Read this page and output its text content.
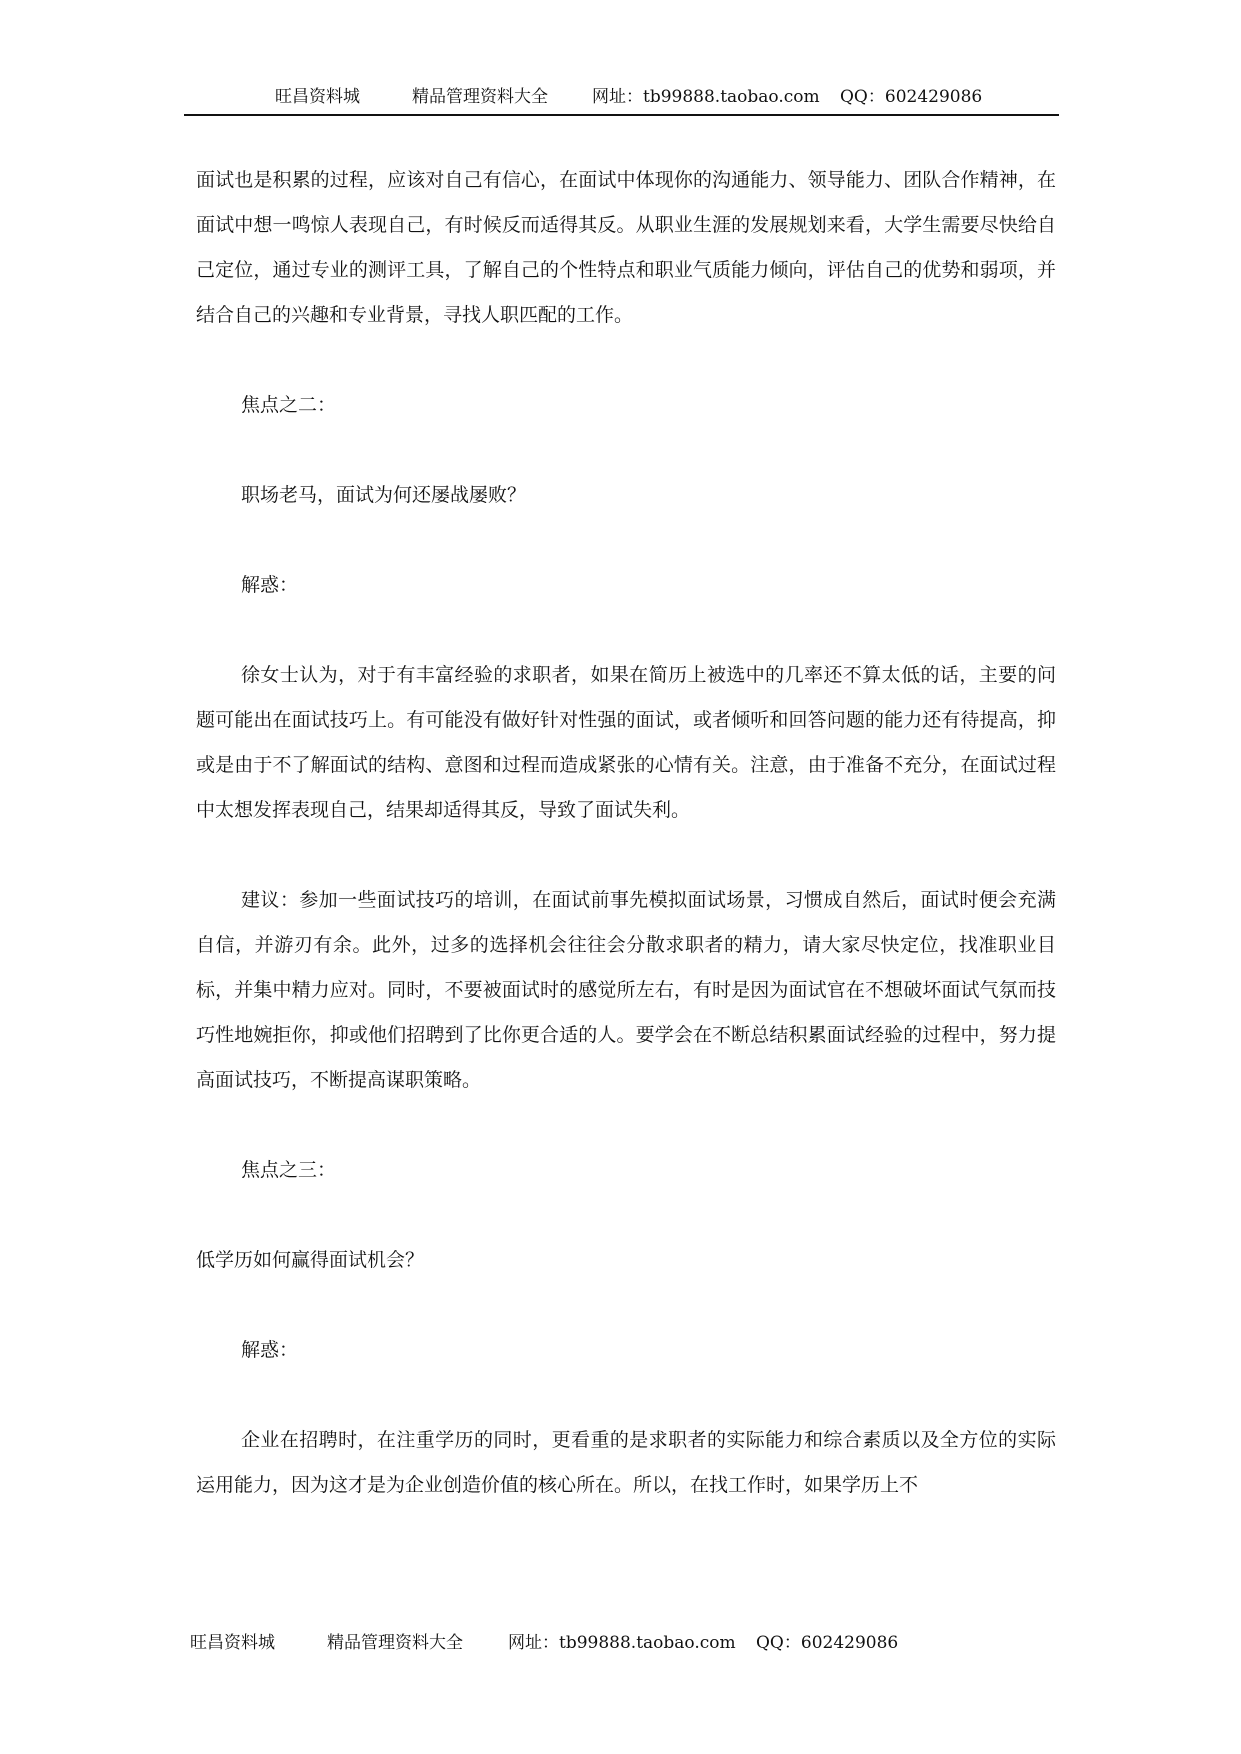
旺昌资料城	精品管理资料大全	网址：tb99888.taobao.com QQ：602429086

面试也是积累的过程，应该对自己有信心，在面试中体现你的沟通能力、领导能力、团队合作精神，在面试中想一鸣惊人表现自己，有时候反而适得其反。从职业生涯的发展规划来看，大学生需要尽快给自己定位，通过专业的测评工具，了解自己的个性特点和职业气质能力倾向，评估自己的优势和弱项，并结合自己的兴趣和专业背景，寻找人职匹配的工作。

焦点之二：

职场老马，面试为何还屡战屡败？

解惑：

徐女士认为，对于有丰富经验的求职者，如果在简历上被选中的几率还不算太低的话，主要的问题可能出在面试技巧上。有可能没有做好针对性强的面试，或者倾听和回答问题的能力还有待提高，抑或是由于不了解面试的结构、意图和过程而造成紧张的心情有关。注意，由于准备不充分，在面试过程中太想发挥表现自己，结果却适得其反，导致了面试失利。

建议：参加一些面试技巧的培训，在面试前事先模拟面试场景，习惯成自然后，面试时便会充满自信，并游刃有余。此外，过多的选择机会往往会分散求职者的精力，请大家尽快定位，找准职业目标，并集中精力应对。同时，不要被面试时的感觉所左右，有时是因为面试官在不想破坏面试气氛而技巧性地婉拒你，抑或他们招聘到了比你更合适的人。要学会在不断总结积累面试经验的过程中，努力提高面试技巧，不断提高谋职策略。

焦点之三：

低学历如何赢得面试机会？

解惑：

企业在招聘时，在注重学历的同时，更看重的是求职者的实际能力和综合素质以及全方位的实际运用能力，因为这才是为企业创造价值的核心所在。所以，在找工作时，如果学历上不

旺昌资料城	精品管理资料大全	网址：tb99888.taobao.com QQ：602429086
